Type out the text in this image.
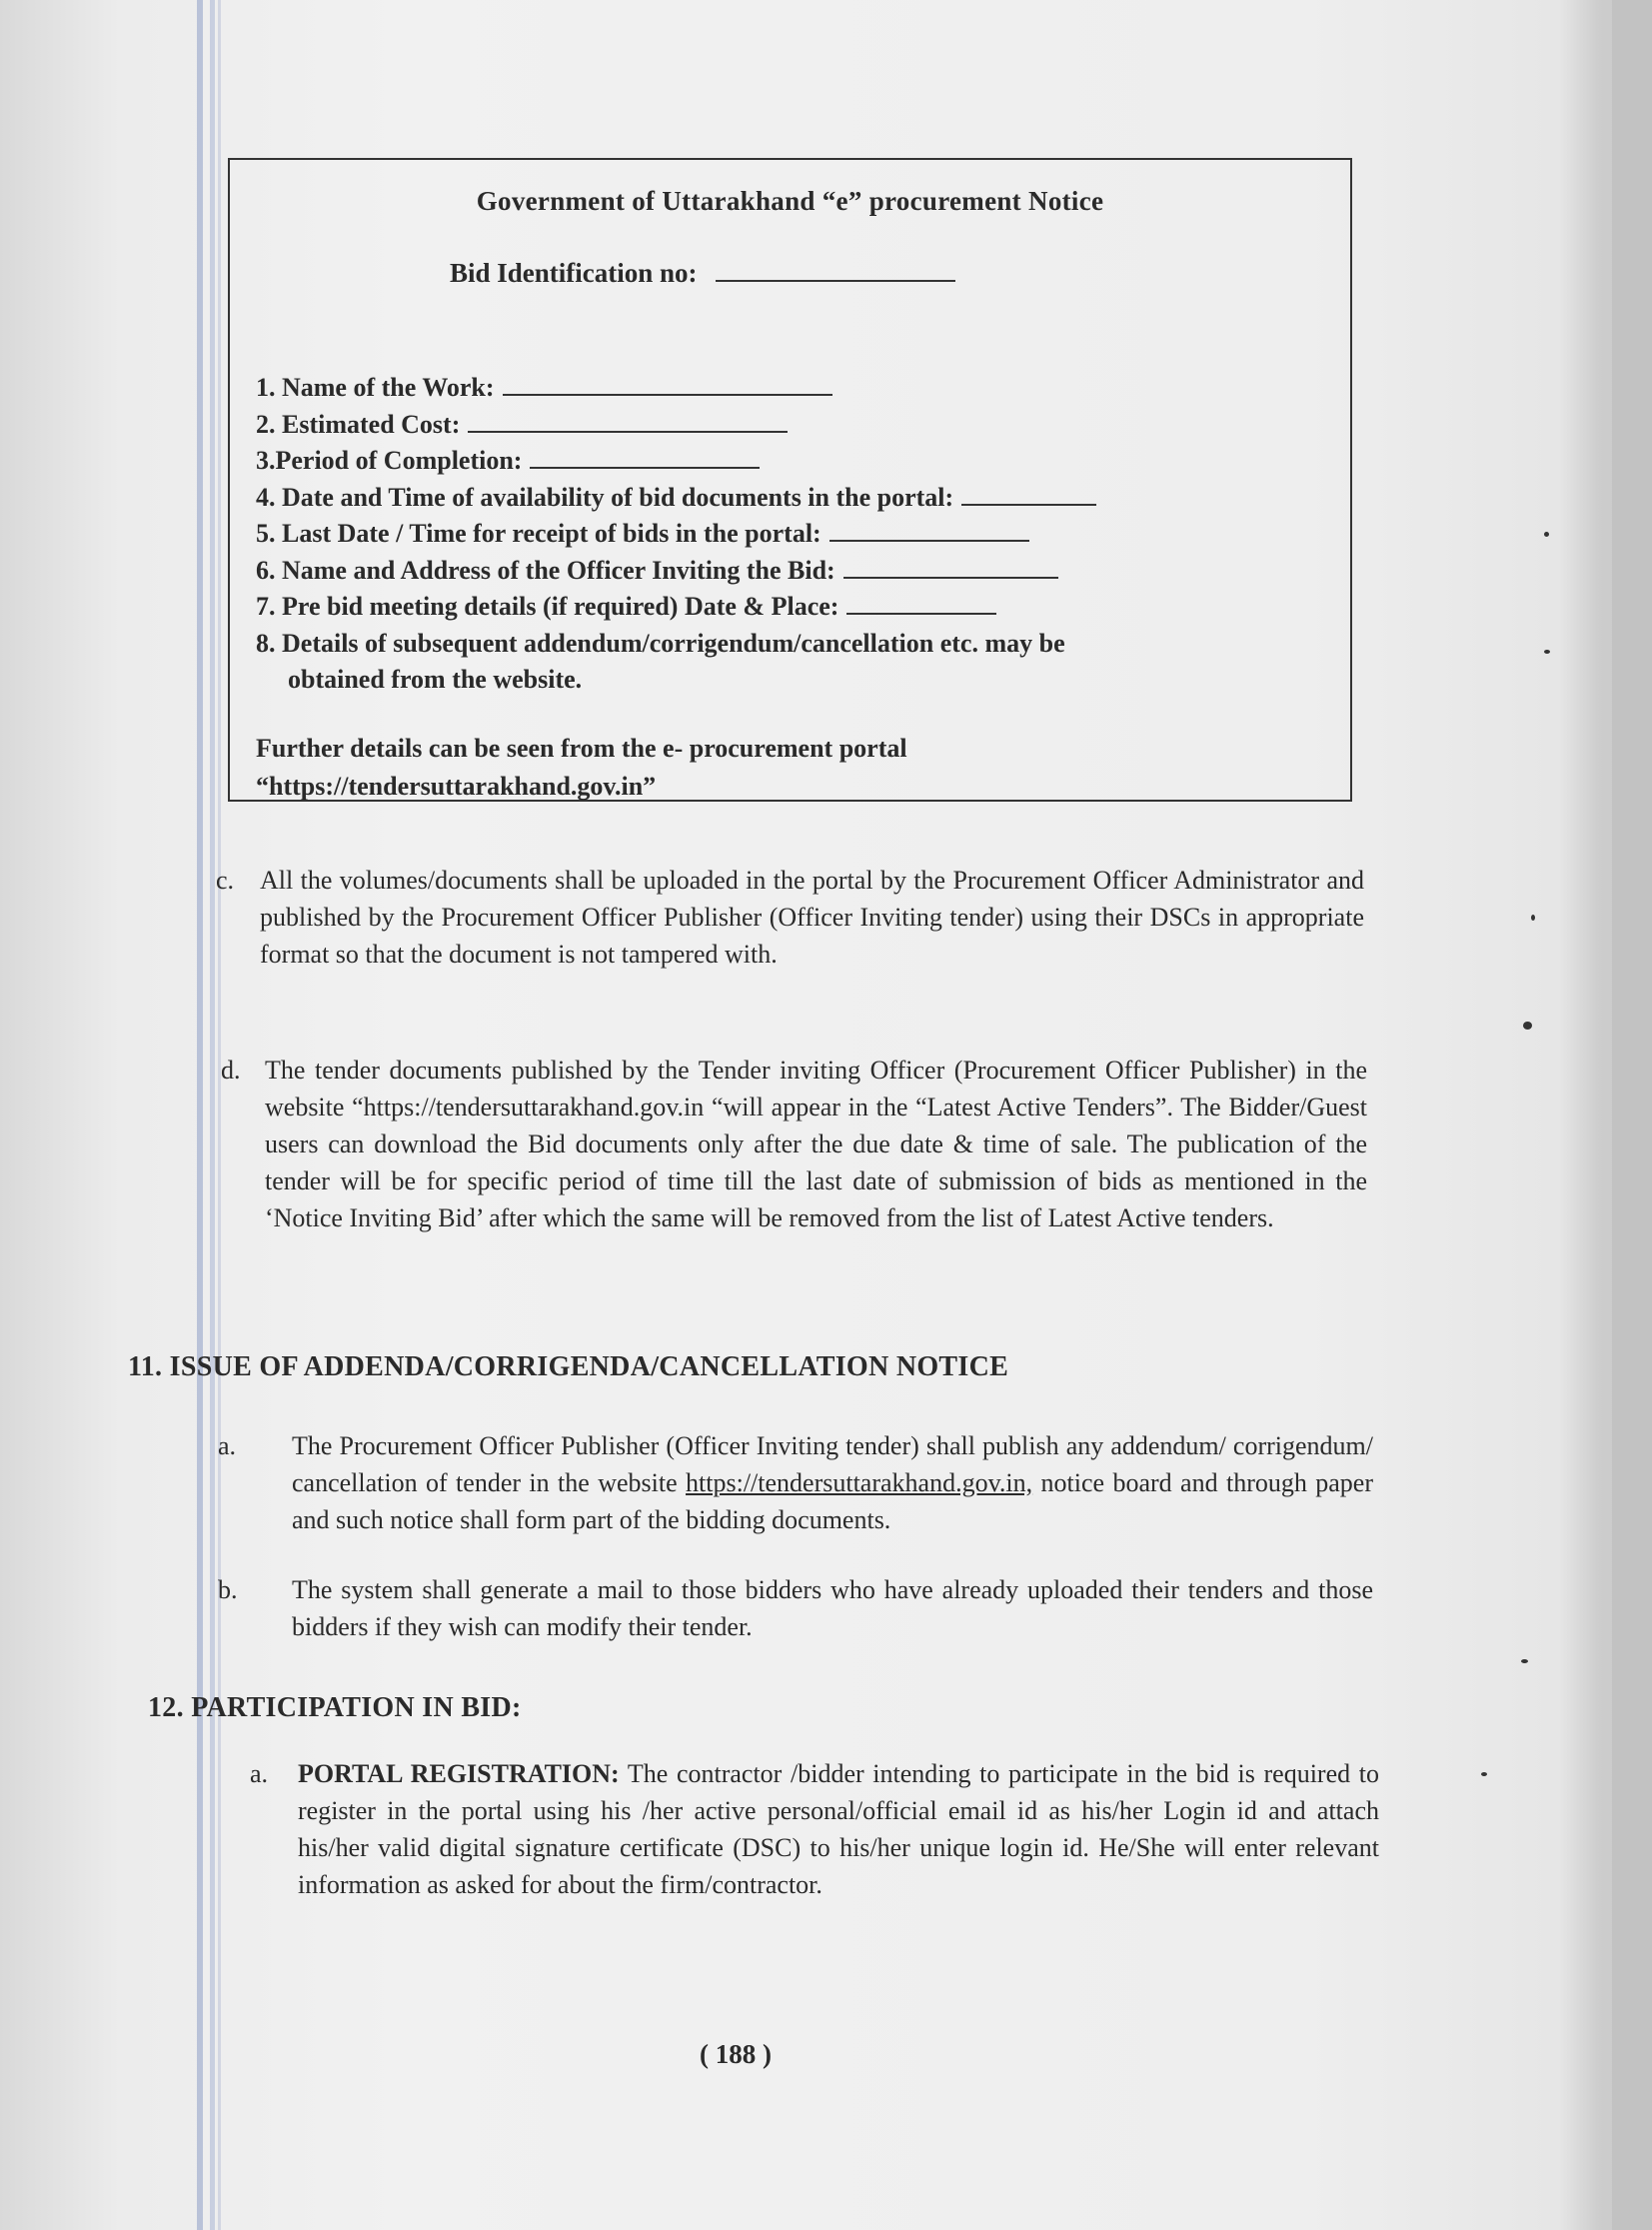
Government of Uttarakhand “e” procurement Notice
Bid Identification no:
1. Name of the Work:
2. Estimated Cost:
3.Period of Completion:
4. Date and Time of availability of bid documents in the portal:
5. Last Date / Time for receipt of bids in the portal:
6. Name and Address of the Officer Inviting the Bid:
7. Pre bid meeting details (if required) Date & Place:
8. Details of subsequent addendum/corrigendum/cancellation etc. may be
obtained from the website.
Further details can be seen from the e- procurement portal
“https://tendersuttarakhand.gov.in”
c. All the volumes/documents shall be uploaded in the portal by the Procurement Officer Administrator and published by the Procurement Officer Publisher (Officer Inviting tender) using their DSCs in appropriate format so that the document is not tampered with.
d. The tender documents published by the Tender inviting Officer (Procurement Officer Publisher) in the website “https://tendersuttarakhand.gov.in “will appear in the “Latest Active Tenders”. The Bidder/Guest users can download the Bid documents only after the due date & time of sale. The publication of the tender will be for specific period of time till the last date of submission of bids as mentioned in the ‘Notice Inviting Bid’ after which the same will be removed from the list of Latest Active tenders.
11. ISSUE OF ADDENDA/CORRIGENDA/CANCELLATION NOTICE
a. The Procurement Officer Publisher (Officer Inviting tender) shall publish any addendum/ corrigendum/ cancellation of tender in the website https://tendersuttarakhand.gov.in, notice board and through paper and such notice shall form part of the bidding documents.
b. The system shall generate a mail to those bidders who have already uploaded their tenders and those bidders if they wish can modify their tender.
12. PARTICIPATION IN BID:
a. PORTAL REGISTRATION: The contractor /bidder intending to participate in the bid is required to register in the portal using his /her active personal/official email id as his/her Login id and attach his/her valid digital signature certificate (DSC) to his/her unique login id. He/She will enter relevant information as asked for about the firm/contractor.
( 188 )
